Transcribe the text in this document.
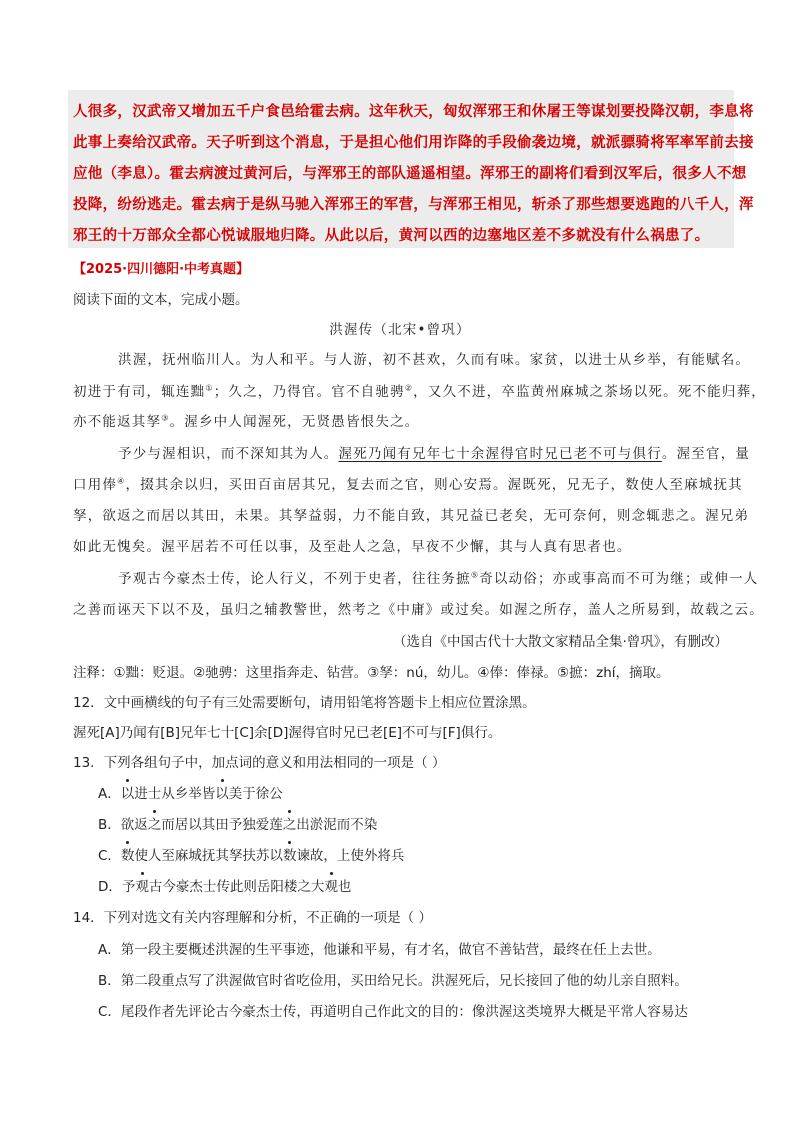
人很多，汉武帝又增加五千户食邑给霍去病。这年秋天，匈奴浑邪王和休屠王等谋划要投降汉朝，李息将
此事上奏给汉武帝。天子听到这个消息，于是担心他们用诈降的手段偷袭边境，就派骠骑将军率军前去接
应他（李息）。霍去病渡过黄河后，与浑邪王的部队遥遥相望。浑邪王的副将们看到汉军后，很多人不想
投降，纷纷逃走。霍去病于是纵马驰入浑邪王的军营，与浑邪王相见，斩杀了那些想要逃跑的八千人，浑
邪王的十万部众全都心悦诚服地归降。从此以后，黄河以西的边塞地区差不多就没有什么祸患了。
【2025·四川德阳·中考真题】
阅读下面的文本，完成小题。
洪渥传（北宋•曾巩）
洪渥，抚州临川人。为人和平。与人游，初不甚欢，久而有味。家贫，以进士从乡举，有能赋名。
初进于有司，辄连黜①；久之，乃得官。官不自驰骋②，又久不进，卒监黄州麻城之茶场以死。死不能归葬，
亦不能返其孥③。渥乡中人闻渥死，无贤愚皆恨失之。
予少与渥相识，而不深知其为人。渥死乃闻有兄年七十余渥得官时兄已老不可与俱行。渥至官，量
口用俸④，掇其余以归，买田百亩居其兄，复去而之官，则心安焉。渥既死，兄无子，数使人至麻城抚其
孥，欲返之而居以其田，未果。其孥益弱，力不能自致，其兄益已老矣，无可奈何，则念辄悲之。渥兄弟
如此无愧矣。渥平居若不可任以事，及至赴人之急，早夜不少懈，其与人真有思者也。
予观古今豪杰士传，论人行义，不列于史者，往往务摭⑤奇以动俗；亦或事高而不可为继；或伸一人
之善而诬天下以不及，虽归之辅教警世，然考之《中庸》或过矣。如渥之所存，盖人之所易到，故载之云。
（选自《中国古代十大散文家精品全集·曾巩》，有删改）
注释：①黜：贬退。②驰骋：这里指奔走、钻营。③孥：nú，幼儿。④俸：俸禄。⑤摭：zhí，摘取。
12．文中画横线的句子有三处需要断句，请用铅笔将答题卡上相应位置涂黑。
渥死[A]乃闻有[B]兄年七十[C]余[D]渥得官时兄已老[E]不可与[F]俱行。
13．下列各组句子中，加点词的意义和用法相同的一项是（ ）
A．以进士从乡举皆以美于徐公
B．欲返之而居以其田予独爱莲之出淤泥而不染
C．数使人至麻城抚其孥扶苏以数谏故，上使外将兵
D．予观古今豪杰士传此则岳阳楼之大观也
14．下列对选文有关内容理解和分析，不正确的一项是（ ）
A．第一段主要概述洪渥的生平事迹，他谦和平易，有才名，做官不善钻营，最终在任上去世。
B．第二段重点写了洪渥做官时省吃俭用，买田给兄长。洪渥死后，兄长接回了他的幼儿亲自照料。
C．尾段作者先评论古今豪杰士传，再道明自己作此文的目的：像洪渥这类境界大概是平常人容易达
